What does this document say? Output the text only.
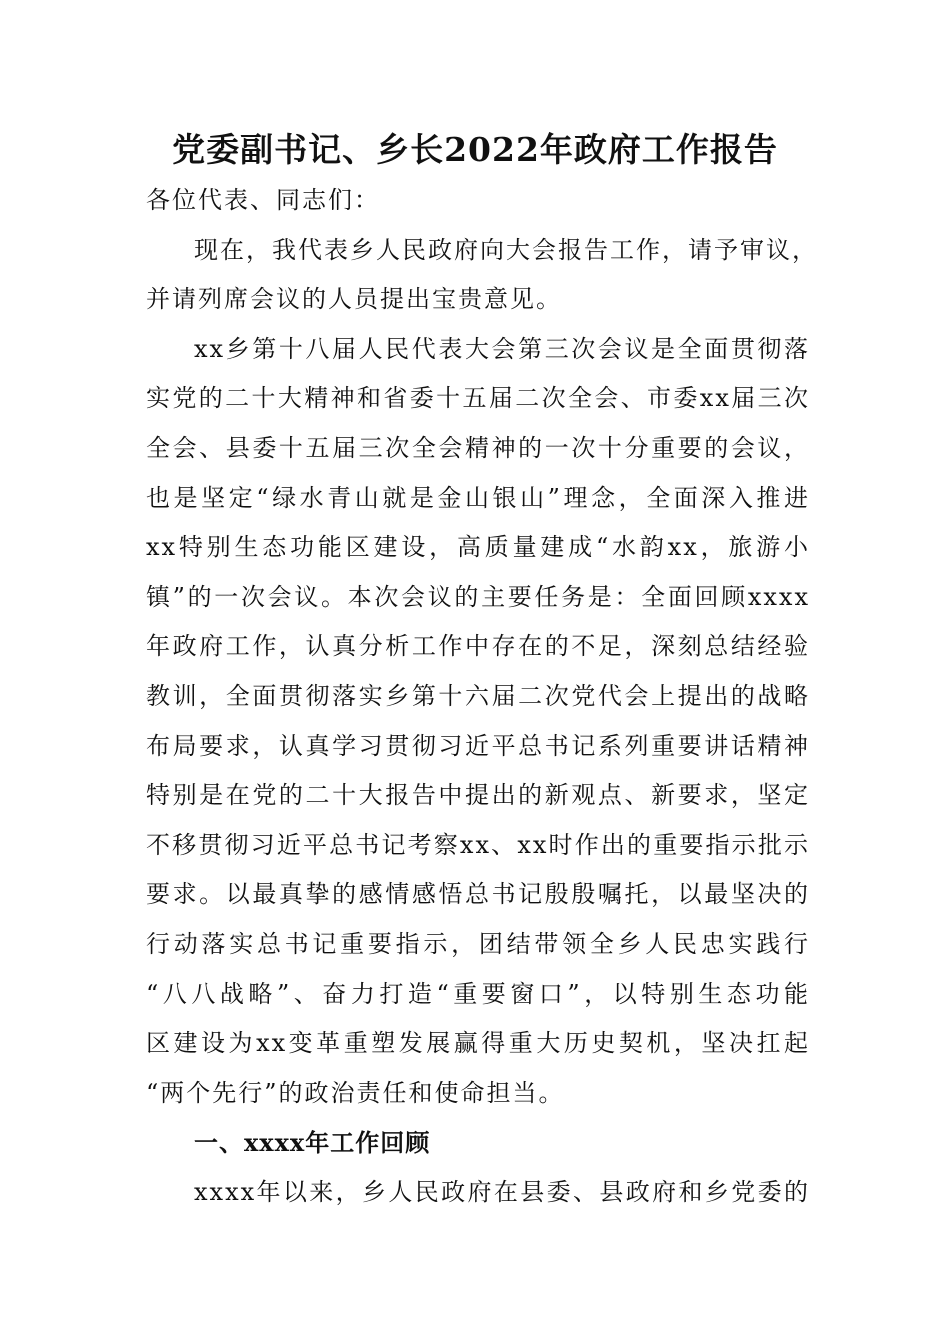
党委副书记、乡长2022年政府工作报告
各位代表、同志们：
现在，我代表乡人民政府向大会报告工作，请予审议，
并请列席会议的人员提出宝贵意见。
xx乡第十八届人民代表大会第三次会议是全面贯彻落
实党的二十大精神和省委十五届二次全会、市委xx届三次
全会、县委十五届三次全会精神的一次十分重要的会议，
也是坚定“绿水青山就是金山银山”理念，全面深入推进
xx特别生态功能区建设，高质量建成“水韵xx，旅游小
镇”的一次会议。本次会议的主要任务是：全面回顾xxxx
年政府工作，认真分析工作中存在的不足，深刻总结经验
教训，全面贯彻落实乡第十六届二次党代会上提出的战略
布局要求，认真学习贯彻习近平总书记系列重要讲话精神
特别是在党的二十大报告中提出的新观点、新要求，坚定
不移贯彻习近平总书记考察xx、xx时作出的重要指示批示
要求。以最真挚的感情感悟总书记殷殷嘱托，以最坚决的
行动落实总书记重要指示，团结带领全乡人民忠实践行
“八八战略”、奋力打造“重要窗口”，以特别生态功能
区建设为xx变革重塑发展赢得重大历史契机，坚决扛起
“两个先行”的政治责任和使命担当。
一、xxxx年工作回顾
xxxx年以来，乡人民政府在县委、县政府和乡党委的
